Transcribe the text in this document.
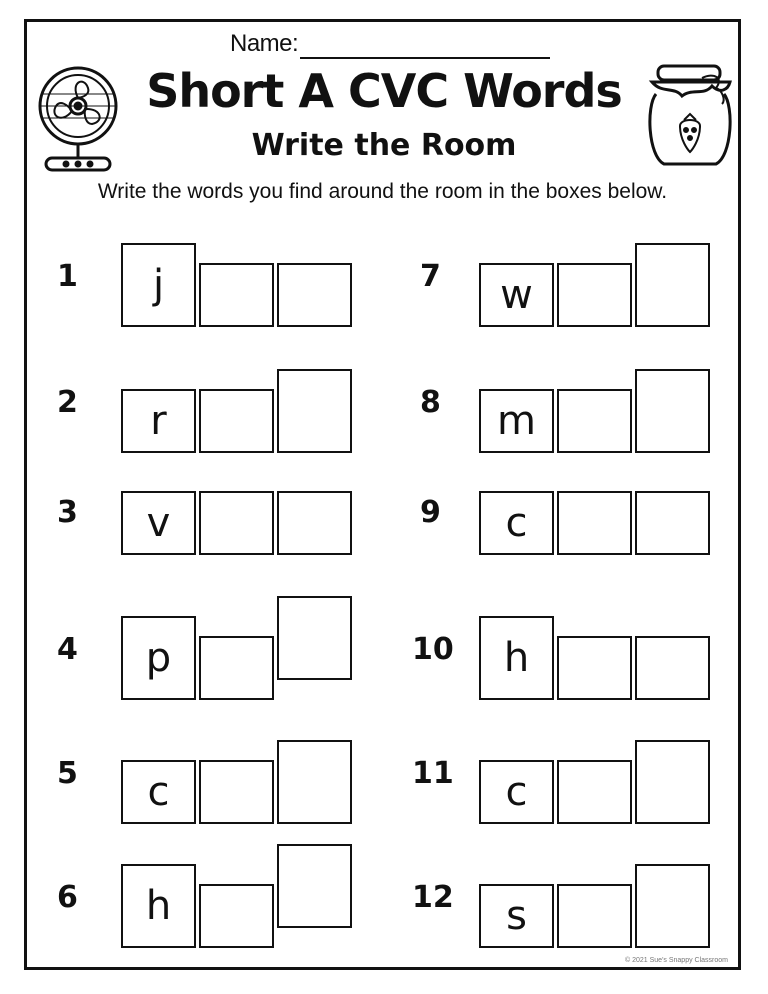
Name:
Short A CVC Words
Write the Room
Write the words you find around the room in the boxes below.
1	j
2	r
3	v
4	p
5	c
6	h
7	w
8	m
9	c
10	h
11	c
12	s
© 2021 Sue's Snappy Classroom
